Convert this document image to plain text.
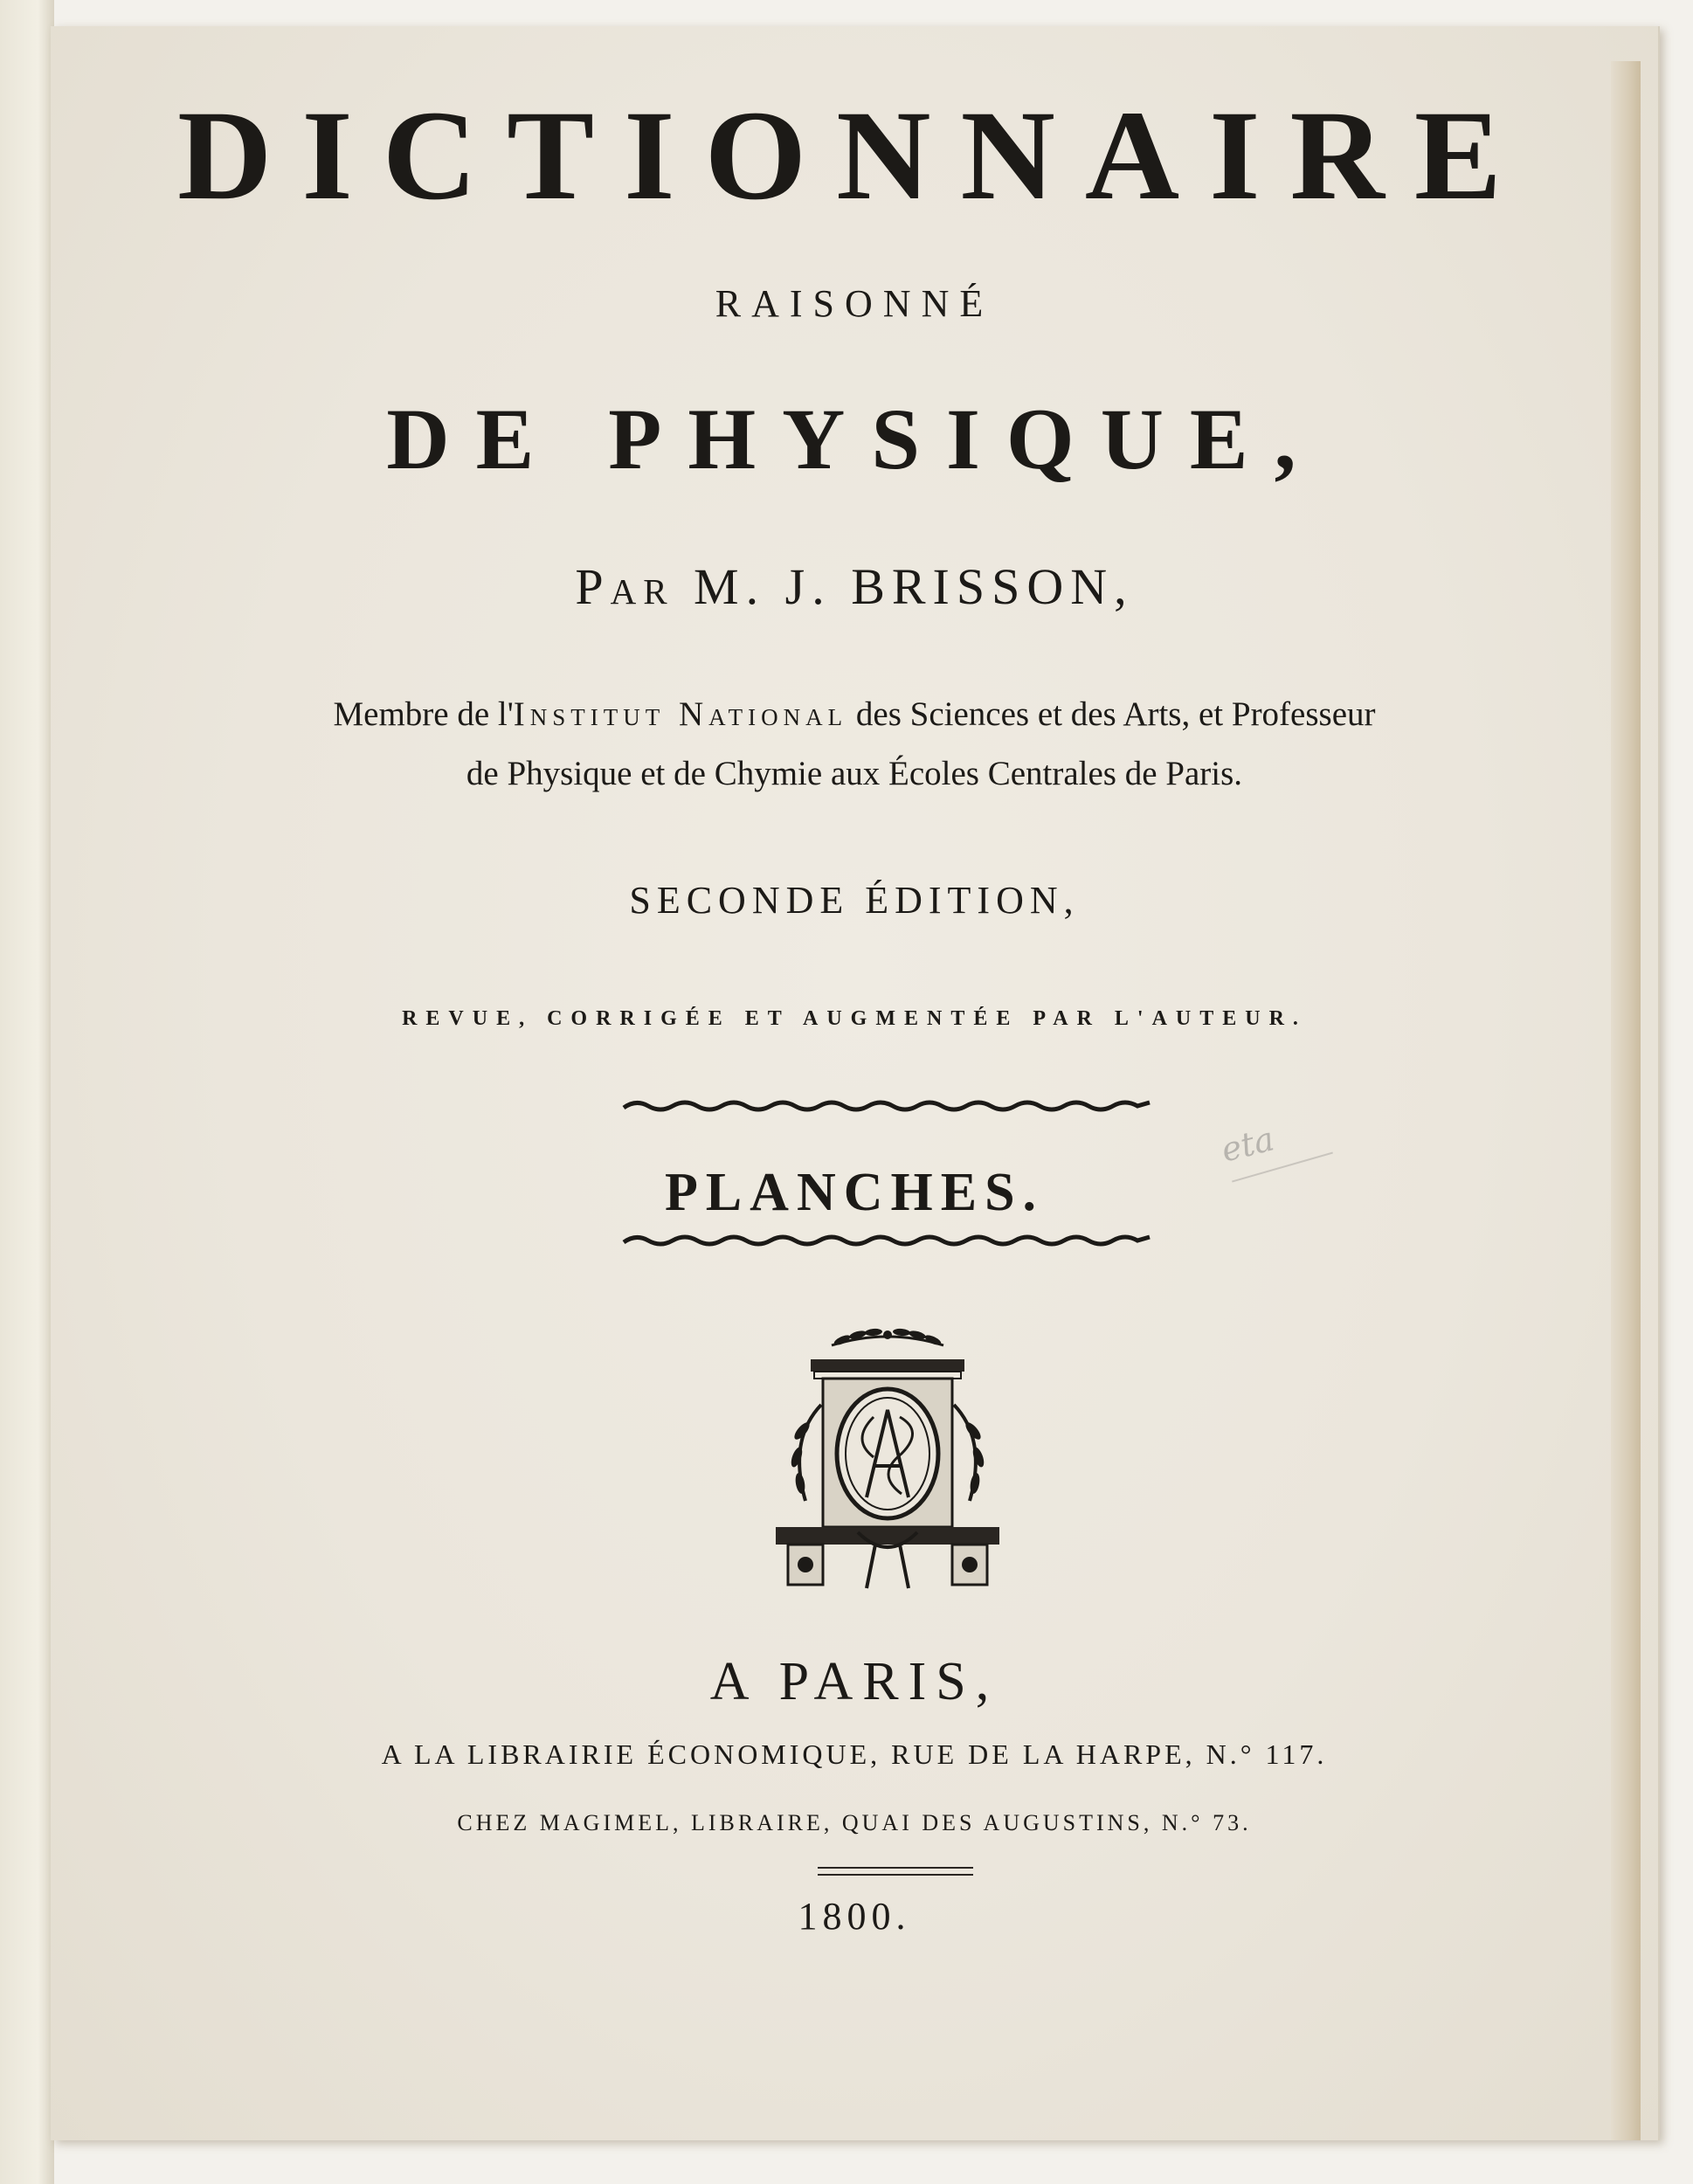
DICTIONNAIRE
RAISONNÉ
DE PHYSIQUE,
Par M. J. BRISSON,
Membre de l'Institut National des Sciences et des Arts, et Professeur
de Physique et de Chymie aux Écoles Centrales de Paris.
SECONDE ÉDITION,
REVUE, CORRIGÉE ET AUGMENTÉE PAR L'AUTEUR.
PLANCHES.
A PARIS,
A LA LIBRAIRIE ÉCONOMIQUE, RUE DE LA HARPE, N.° 117.
CHEZ MAGIMEL, LIBRAIRE, QUAI DES AUGUSTINS, N.° 73.
1800.
eta
